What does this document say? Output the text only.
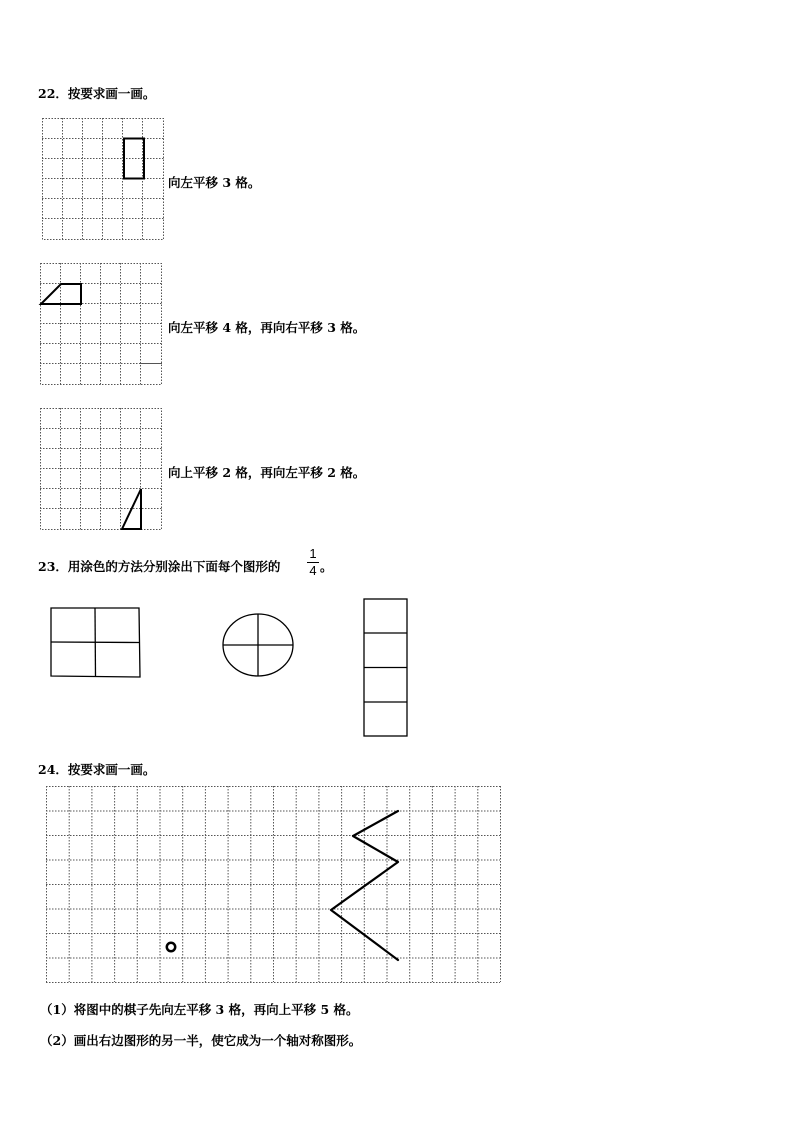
22．按要求画一画。
向左平移 3 格。
向左平移 4 格，再向右平移 3 格。
向上平移 2 格，再向左平移 2 格。
23．用涂色的方法分别涂出下面每个图形的
1
4 。
24．按要求画一画。
（1）将图中的棋子先向左平移 3 格，再向上平移 5 格。
（2）画出右边图形的另一半，使它成为一个轴对称图形。
